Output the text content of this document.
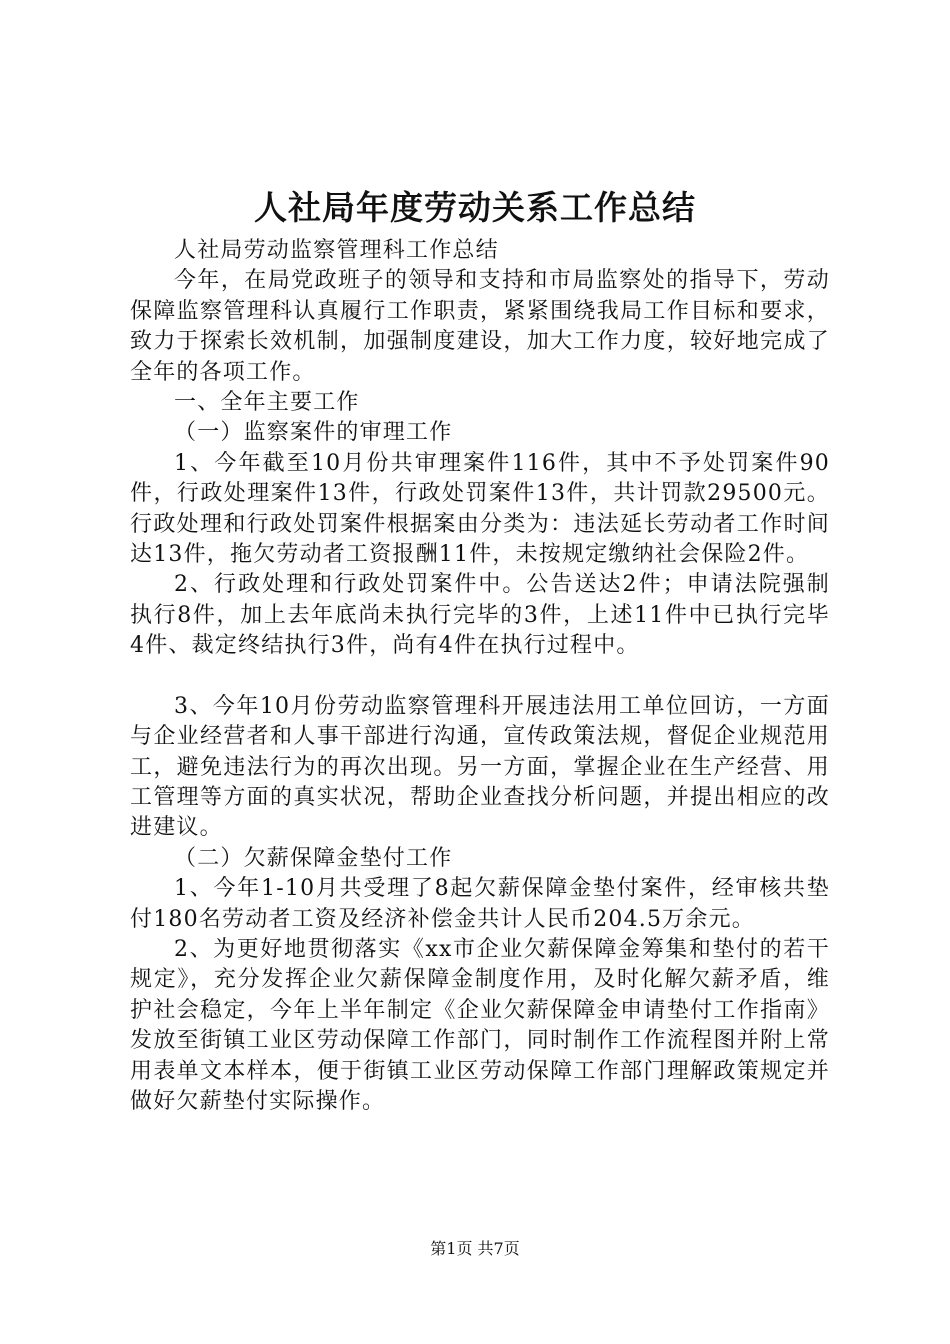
人社局年度劳动关系工作总结

人社局劳动监察管理科工作总结

今年，在局党政班子的领导和支持和市局监察处的指导下，劳动保障监察管理科认真履行工作职责，紧紧围绕我局工作目标和要求，致力于探索长效机制，加强制度建设，加大工作力度，较好地完成了全年的各项工作。

一、全年主要工作

（一）监察案件的审理工作

1、今年截至10月份共审理案件116件，其中不予处罚案件90件，行政处理案件13件，行政处罚案件13件，共计罚款29500元。行政处理和行政处罚案件根据案由分类为：违法延长劳动者工作时间达13件，拖欠劳动者工资报酬11件，未按规定缴纳社会保险2件。

2、行政处理和行政处罚案件中。公告送达2件；申请法院强制执行8件，加上去年底尚未执行完毕的3件，上述11件中已执行完毕4件、裁定终结执行3件，尚有4件在执行过程中。

3、今年10月份劳动监察管理科开展违法用工单位回访，一方面与企业经营者和人事干部进行沟通，宣传政策法规，督促企业规范用工，避免违法行为的再次出现。另一方面，掌握企业在生产经营、用工管理等方面的真实状况，帮助企业查找分析问题，并提出相应的改进建议。

（二）欠薪保障金垫付工作

1、今年1-10月共受理了8起欠薪保障金垫付案件，经审核共垫付180名劳动者工资及经济补偿金共计人民币204.5万余元。

2、为更好地贯彻落实《xx市企业欠薪保障金筹集和垫付的若干规定》，充分发挥企业欠薪保障金制度作用，及时化解欠薪矛盾，维护社会稳定，今年上半年制定《企业欠薪保障金申请垫付工作指南》发放至街镇工业区劳动保障工作部门，同时制作工作流程图并附上常用表单文本样本，便于街镇工业区劳动保障工作部门理解政策规定并做好欠薪垫付实际操作。

第1页 共7页
